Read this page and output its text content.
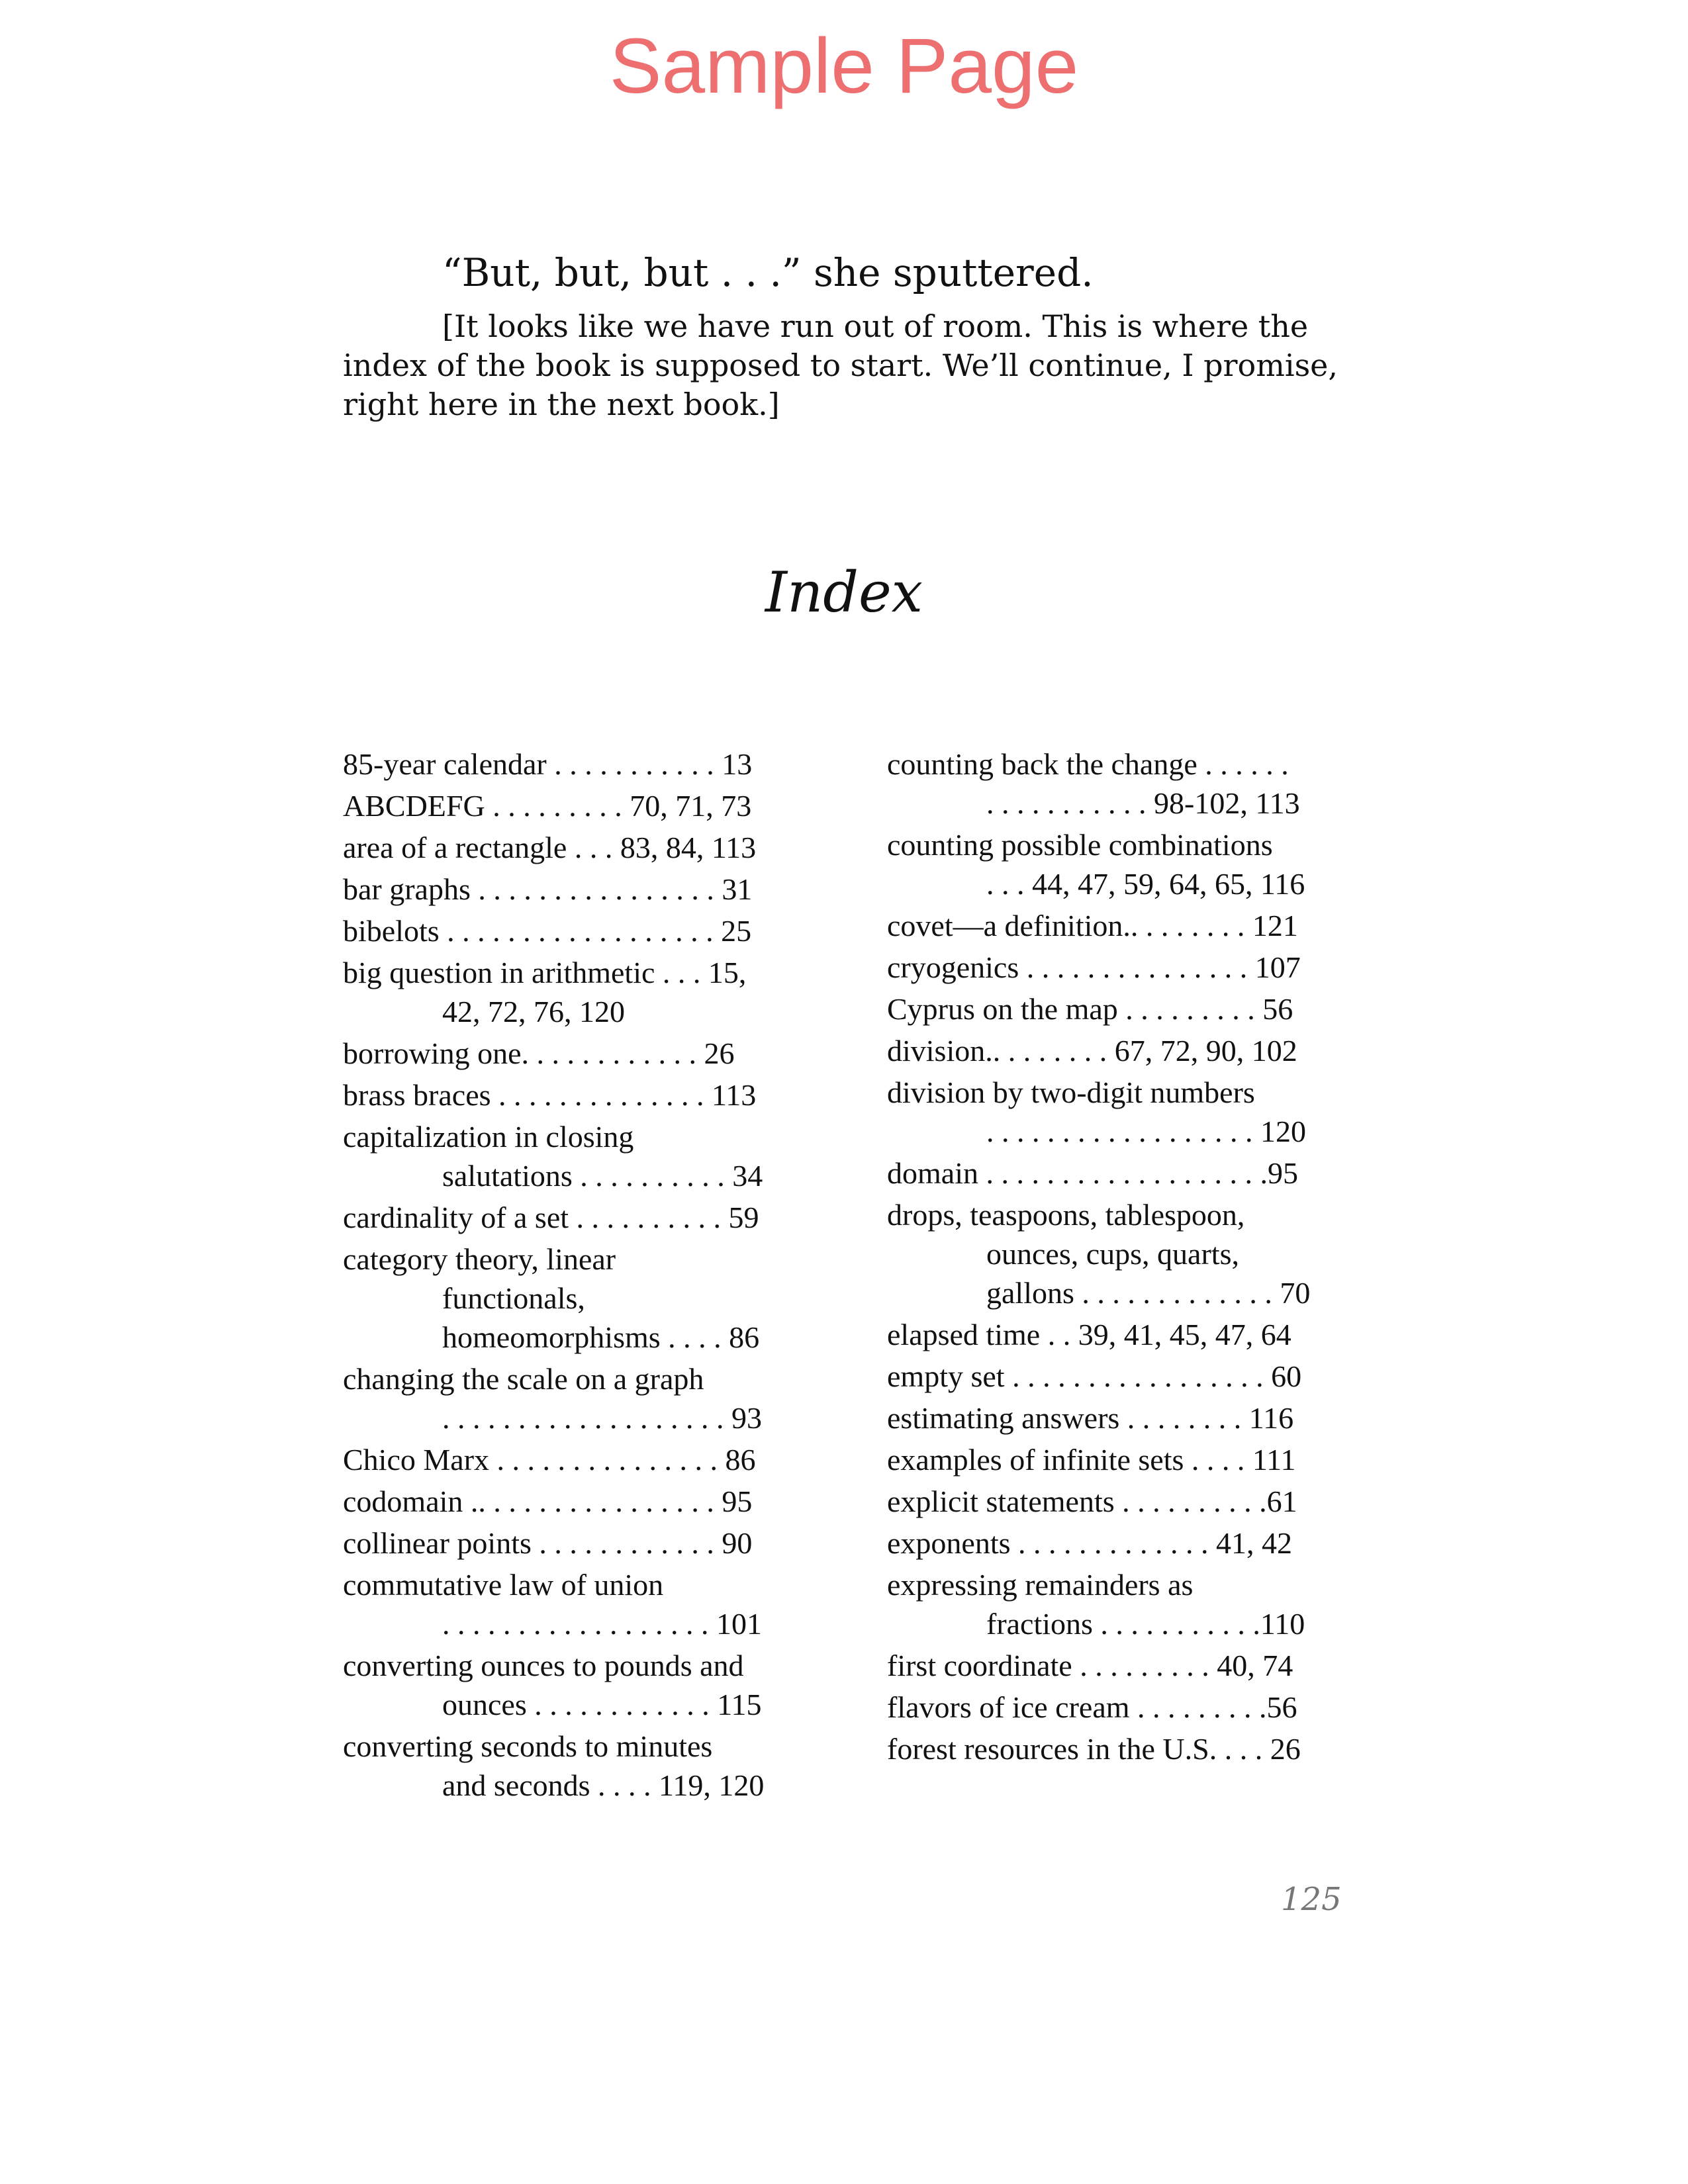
Sample Page
“But, but, but . . .” she sputtered.
[It looks like we have run out of room. This is where the
index of the book is supposed to start. We’ll continue, I promise,
right here in the next book.]
Index
85-year calendar . . . . . . . . . . . 13
ABCDEFG . . . . . . . . . 70, 71, 73
area of a rectangle . . . 83, 84, 113
bar graphs . . . . . . . . . . . . . . . . 31
bibelots . . . . . . . . . . . . . . . . . . 25
big question in arithmetic . . . 15,
42, 72, 76, 120
borrowing one. . . . . . . . . . . . 26
brass braces . . . . . . . . . . . . . . 113
capitalization in closing
salutations . . . . . . . . . . 34
cardinality of a set . . . . . . . . . . 59
category theory, linear
functionals,
homeomorphisms . . . . 86
changing the scale on a graph
. . . . . . . . . . . . . . . . . . . 93
Chico Marx . . . . . . . . . . . . . . . 86
codomain .. . . . . . . . . . . . . . . . 95
collinear points . . . . . . . . . . . . 90
commutative law of union
. . . . . . . . . . . . . . . . . . 101
converting ounces to pounds and
ounces . . . . . . . . . . . . 115
converting seconds to minutes
and seconds . . . . 119, 120
counting back the change . . . . . .
. . . . . . . . . . . 98-102, 113
counting possible combinations
. . . 44, 47, 59, 64, 65, 116
covet—a definition.. . . . . . . . 121
cryogenics . . . . . . . . . . . . . . . 107
Cyprus on the map . . . . . . . . . 56
division.. . . . . . . . 67, 72, 90, 102
division by two-digit numbers
. . . . . . . . . . . . . . . . . . 120
domain . . . . . . . . . . . . . . . . . . .95
drops, teaspoons, tablespoon,
ounces, cups, quarts,
gallons . . . . . . . . . . . . . 70
elapsed time . . 39, 41, 45, 47, 64
empty set . . . . . . . . . . . . . . . . . 60
estimating answers . . . . . . . . 116
examples of infinite sets . . . . 111
explicit statements . . . . . . . . . .61
exponents . . . . . . . . . . . . . 41, 42
expressing remainders as
fractions . . . . . . . . . . .110
first coordinate . . . . . . . . . 40, 74
flavors of ice cream . . . . . . . . .56
forest resources in the U.S. . . . 26
125
